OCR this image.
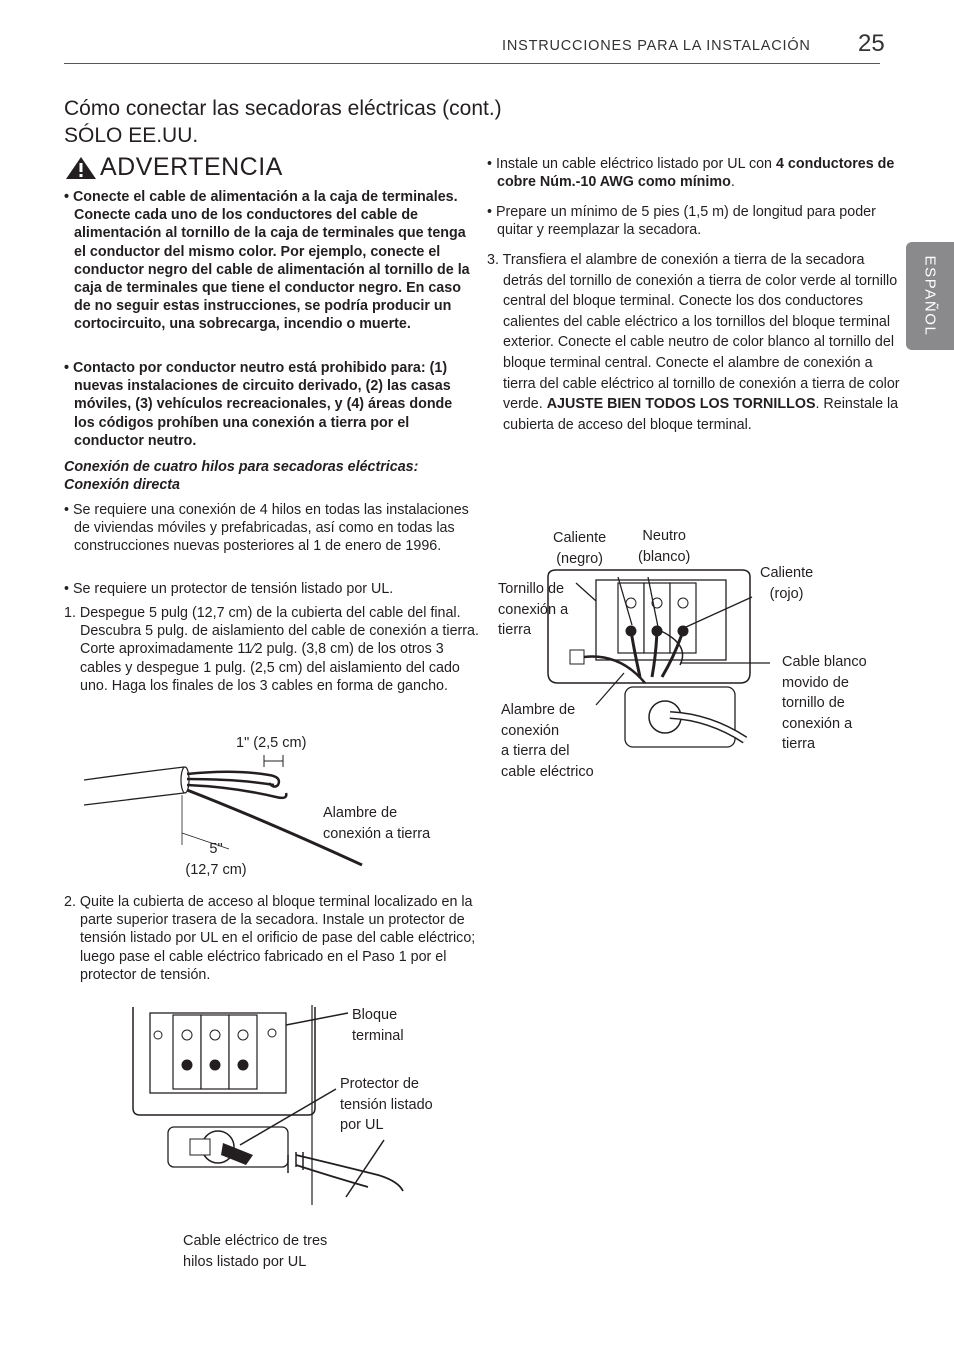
INSTRUCCIONES PARA LA INSTALACIÓN 25
ESPAÑOL
Cómo conectar las secadoras eléctricas (cont.)
SÓLO EE.UU.
ADVERTENCIA

• Conecte el cable de alimentación a la caja de terminales. Conecte cada uno de los conductores del cable de alimentación al tornillo de la caja de terminales que tenga el conductor del mismo color. Por ejemplo, conecte el conductor negro del cable de alimentación al tornillo de la caja de terminales que tiene el conductor negro. En caso de no seguir estas instrucciones, se podría producir un cortocircuito, una sobrecarga, incendio o muerte.

• Contacto por conductor neutro está prohibido para: (1) nuevas instalaciones de circuito derivado, (2) las casas móviles, (3) vehículos recreacionales, y (4) áreas donde los códigos prohíben una conexión a tierra por el conductor neutro.

Conexión de cuatro hilos para secadoras eléctricas: Conexión directa

• Se requiere una conexión de 4 hilos en todas las instalaciones de viviendas móviles y prefabricadas, así como en todas las construcciones nuevas posteriores al 1 de enero de 1996.

• Se requiere un protector de tensión listado por UL.

1. Despegue 5 pulg (12,7 cm) de la cubierta del cable del final. Descubra 5 pulg. de aislamiento del cable de conexión a tierra. Corte aproximadamente 11⁄2 pulg. (3,8 cm) de los otros 3 cables y despegue 1 pulg. (2,5 cm) del aislamiento del cado uno. Haga los finales de los 3 cables en forma de gancho.

1" (2,5 cm)
Alambre de
conexión a tierra
5"
(12,7 cm)

2. Quite la cubierta de acceso al bloque terminal localizado en la parte superior trasera de la secadora. Instale un protector de tensión listado por UL en el orificio de pase del cable eléctrico; luego pase el cable eléctrico fabricado en el Paso 1 por el protector de tensión.

Bloque
terminal
Protector de
tensión listado
por UL
Cable eléctrico de tres
hilos listado por UL

• Instale un cable eléctrico listado por UL con 4 conductores de cobre Núm.-10 AWG como mínimo.

• Prepare un mínimo de 5 pies (1,5 m) de longitud para poder quitar y reemplazar la secadora.

3. Transfiera el alambre de conexión a tierra de la secadora detrás del tornillo de conexión a tierra de color verde al tornillo central del bloque terminal. Conecte los dos conductores calientes del cable eléctrico a los tornillos del bloque terminal exterior. Conecte el cable neutro de color blanco al tornillo del bloque terminal central. Conecte el alambre de conexión a tierra del cable eléctrico al tornillo de conexión a tierra de color verde. AJUSTE BIEN TODOS LOS TORNILLOS. Reinstale la cubierta de acceso del bloque terminal.

Caliente
(negro)
Neutro
(blanco)
Caliente
(rojo)
Tornillo de
conexión a
tierra
Cable blanco
movido de
tornillo de
conexión a
tierra
Alambre de
conexión
a tierra del
cable eléctrico
